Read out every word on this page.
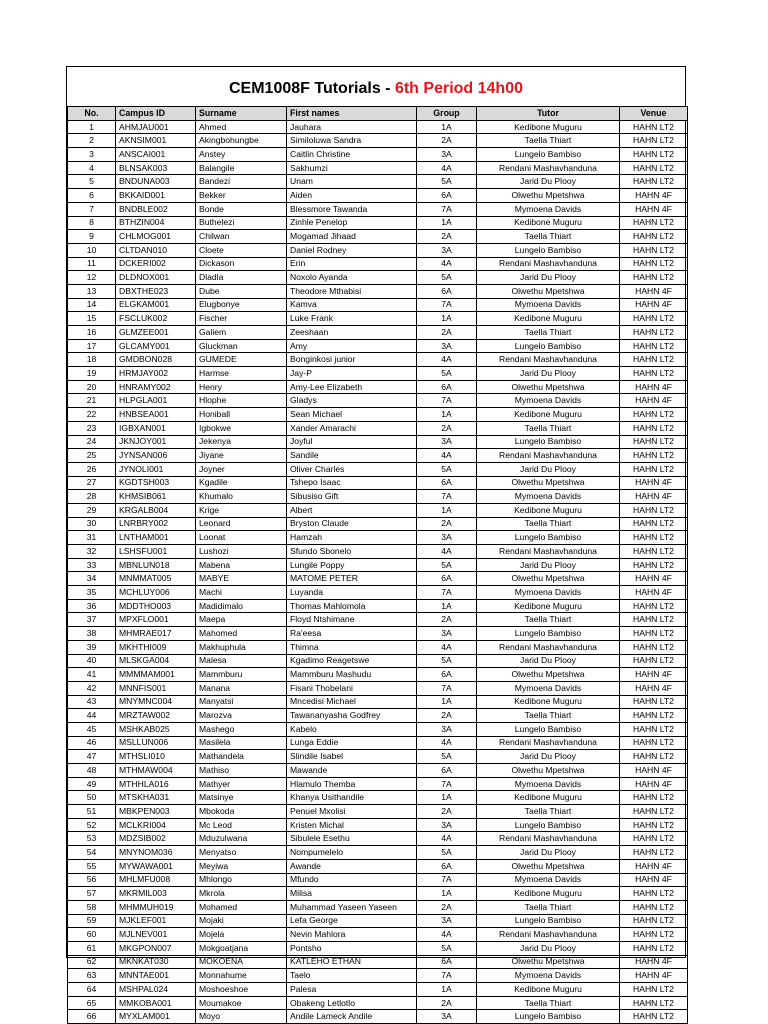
CEM1008F Tutorials - 6th Period 14h00
No.	Campus ID	Surname	First names	Group	Tutor	Venue
1	AHMJAU001	Ahmed	Jauhara	1A	Kedibone Muguru	HAHN LT2
2	AKNSIM001	Akingbohungbe	Similoluwa Sandra	2A	Taella Thiart	HAHN LT2
3	ANSCAI001	Anstey	Caitlin Christine	3A	Lungelo Bambiso	HAHN LT2
4	BLNSAK003	Balangile	Sakhumzi	4A	Rendani Mashavhanduna	HAHN LT2
5	BNDUNA003	Bandezi	Unam	5A	Jarid Du Plooy	HAHN LT2
6	BKKAID001	Bekker	Aiden	6A	Olwethu Mpetshwa	HAHN 4F
7	BNDBLE002	Bonde	Blessmore Tawanda	7A	Mymoena Davids	HAHN 4F
8	BTHZIN004	Buthelezi	Zinhle Penelop	1A	Kedibone Muguru	HAHN LT2
9	CHLMOG001	Chilwan	Mogamad Jihaad	2A	Taella Thiart	HAHN LT2
10	CLTDAN010	Cloete	Daniel Rodney	3A	Lungelo Bambiso	HAHN LT2
11	DCKERI002	Dickason	Erin	4A	Rendani Mashavhanduna	HAHN LT2
12	DLDNOX001	Dladla	Noxolo Ayanda	5A	Jarid Du Plooy	HAHN LT2
13	DBXTHE023	Dube	Theodore Mthabisi	6A	Olwethu Mpetshwa	HAHN 4F
14	ELGKAM001	Elugbonye	Kamva	7A	Mymoena Davids	HAHN 4F
15	FSCLUK002	Fischer	Luke Frank	1A	Kedibone Muguru	HAHN LT2
16	GLMZEE001	Galiem	Zeeshaan	2A	Taella Thiart	HAHN LT2
17	GLCAMY001	Gluckman	Amy	3A	Lungelo Bambiso	HAHN LT2
18	GMDBON028	GUMEDE	Bonginkosi junior	4A	Rendani Mashavhanduna	HAHN LT2
19	HRMJAY002	Harmse	Jay-P	5A	Jarid Du Plooy	HAHN LT2
20	HNRAMY002	Henry	Amy-Lee Elizabeth	6A	Olwethu Mpetshwa	HAHN 4F
21	HLPGLA001	Hlophe	Gladys	7A	Mymoena Davids	HAHN 4F
22	HNBSEA001	Honiball	Sean Michael	1A	Kedibone Muguru	HAHN LT2
23	IGBXAN001	Igbokwe	Xander Amarachi	2A	Taella Thiart	HAHN LT2
24	JKNJOY001	Jekenya	Joyful	3A	Lungelo Bambiso	HAHN LT2
25	JYNSAN006	Jiyane	Sandile	4A	Rendani Mashavhanduna	HAHN LT2
26	JYNOLI001	Joyner	Oliver Charles	5A	Jarid Du Plooy	HAHN LT2
27	KGDTSH003	Kgadile	Tshepo Isaac	6A	Olwethu Mpetshwa	HAHN 4F
28	KHMSIB061	Khumalo	Sibusiso Gift	7A	Mymoena Davids	HAHN 4F
29	KRGALB004	Krige	Albert	1A	Kedibone Muguru	HAHN LT2
30	LNRBRY002	Leonard	Bryston Claude	2A	Taella Thiart	HAHN LT2
31	LNTHAM001	Loonat	Hamzah	3A	Lungelo Bambiso	HAHN LT2
32	LSHSFU001	Lushozi	Sfundo Sbonelo	4A	Rendani Mashavhanduna	HAHN LT2
33	MBNLUN018	Mabena	Lungile Poppy	5A	Jarid Du Plooy	HAHN LT2
34	MNMMAT005	MABYE	MATOME PETER	6A	Olwethu Mpetshwa	HAHN 4F
35	MCHLUY006	Machi	Luyanda	7A	Mymoena Davids	HAHN 4F
36	MDDTHO003	Madidimalo	Thomas Mahlomola	1A	Kedibone Muguru	HAHN LT2
37	MPXFLO001	Maepa	Floyd Ntshimane	2A	Taella Thiart	HAHN LT2
38	MHMRAE017	Mahomed	Ra'eesa	3A	Lungelo Bambiso	HAHN LT2
39	MKHTHI009	Makhuphula	Thimna	4A	Rendani Mashavhanduna	HAHN LT2
40	MLSKGA004	Malesa	Kgadimo Reagetswe	5A	Jarid Du Plooy	HAHN LT2
41	MMMMAM001	Mammburu	Mammburu Mashudu	6A	Olwethu Mpetshwa	HAHN 4F
42	MNNFIS001	Manana	Fisani Thobelani	7A	Mymoena Davids	HAHN 4F
43	MNYMNC004	Manyatsi	Mncedisi Michael	1A	Kedibone Muguru	HAHN LT2
44	MRZTAW002	Marozva	Tawananyasha Godfrey	2A	Taella Thiart	HAHN LT2
45	MSHKAB025	Mashego	Kabelo	3A	Lungelo Bambiso	HAHN LT2
46	MSLLUN006	Masilela	Lunga Eddie	4A	Rendani Mashavhanduna	HAHN LT2
47	MTHSLI010	Mathandela	Slindile Isabel	5A	Jarid Du Plooy	HAHN LT2
48	MTHMAW004	Mathiso	Mawande	6A	Olwethu Mpetshwa	HAHN 4F
49	MTHHLA016	Mathyer	Hlamulo Themba	7A	Mymoena Davids	HAHN 4F
50	MTSKHA031	Matsinye	Khanya Usithandile	1A	Kedibone Muguru	HAHN LT2
51	MBKPEN003	Mbokoda	Penuel Mxolisi	2A	Taella Thiart	HAHN LT2
52	MCLKRI004	Mc Leod	Kristen Michal	3A	Lungelo Bambiso	HAHN LT2
53	MDZSIB002	Mduzulwana	Sibulele Esethu	4A	Rendani Mashavhanduna	HAHN LT2
54	MNYNOM036	Menyatso	Nompumelelo	5A	Jarid Du Plooy	HAHN LT2
55	MYWAWA001	Meyiwa	Awande	6A	Olwethu Mpetshwa	HAHN 4F
56	MHLMFU008	Mhlongo	Mfundo	7A	Mymoena Davids	HAHN 4F
57	MKRMIL003	Mkrola	Milisa	1A	Kedibone Muguru	HAHN LT2
58	MHMMUH019	Mohamed	Muhammad Yaseen Yaseen	2A	Taella Thiart	HAHN LT2
59	MJKLEF001	Mojaki	Lefa George	3A	Lungelo Bambiso	HAHN LT2
60	MJLNEV001	Mojela	Nevin Mahlora	4A	Rendani Mashavhanduna	HAHN LT2
61	MKGPON007	Mokgoatjana	Pontsho	5A	Jarid Du Plooy	HAHN LT2
62	MKNKAT030	MOKOENA	KATLEHO ETHAN	6A	Olwethu Mpetshwa	HAHN 4F
63	MNNTAE001	Monnahume	Taelo	7A	Mymoena Davids	HAHN 4F
64	MSHPAL024	Moshoeshoe	Palesa	1A	Kedibone Muguru	HAHN LT2
65	MMKOBA001	Moumakoe	Obakeng Letlotlo	2A	Taella Thiart	HAHN LT2
66	MYXLAM001	Moyo	Andile Lameck Andile	3A	Lungelo Bambiso	HAHN LT2
